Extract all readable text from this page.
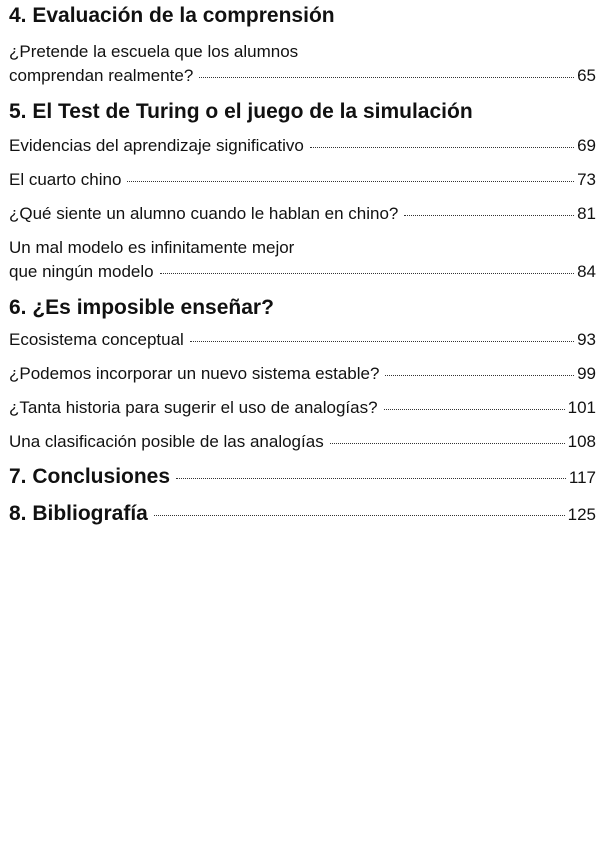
4. Evaluación de la comprensión
¿Pretende la escuela que los alumnos
comprendan realmente?	65
5. El Test de Turing o el juego de la simulación
Evidencias del aprendizaje significativo	69
El cuarto chino	73
¿Qué siente un alumno cuando le hablan en chino?	81
Un mal modelo es infinitamente mejor
que ningún modelo	84
6. ¿Es imposible enseñar?
Ecosistema conceptual	93
¿Podemos incorporar un nuevo sistema estable?	99
¿Tanta historia para sugerir el uso de analogías?	101
Una clasificación posible de las analogías	108
7. Conclusiones	117
8. Bibliografía	125
